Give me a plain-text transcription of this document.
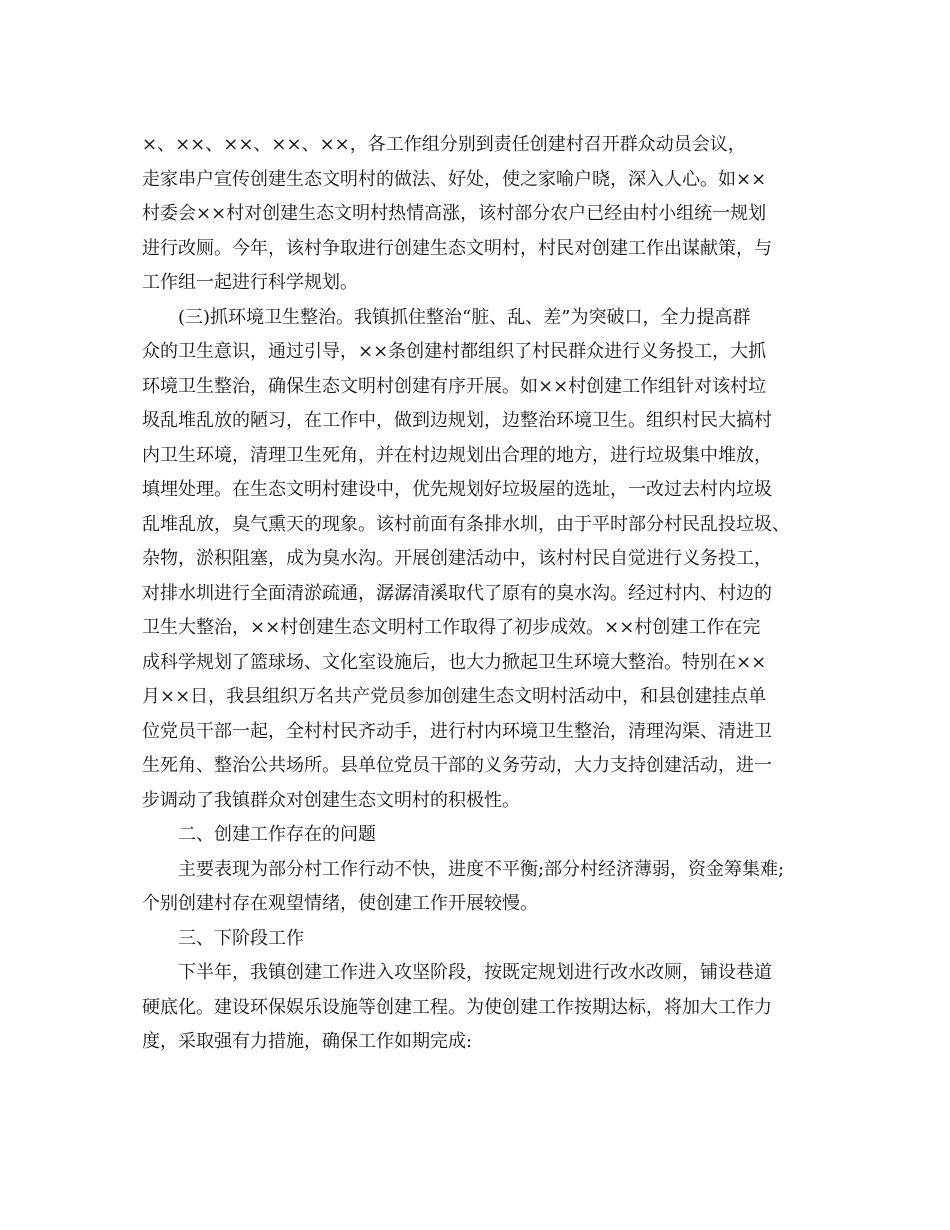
×、××、××、××、××，各工作组分别到责任创建村召开群众动员会议，
走家串户宣传创建生态文明村的做法、好处，使之家喻户晓，深入人心。如××
村委会××村对创建生态文明村热情高涨，该村部分农户已经由村小组统一规划
进行改厕。今年，该村争取进行创建生态文明村，村民对创建工作出谋献策，与
工作组一起进行科学规划。
(三)抓环境卫生整治。我镇抓住整治“脏、乱、差”为突破口，全力提高群
众的卫生意识，通过引导，××条创建村都组织了村民群众进行义务投工，大抓
环境卫生整治，确保生态文明村创建有序开展。如××村创建工作组针对该村垃
圾乱堆乱放的陋习，在工作中，做到边规划，边整治环境卫生。组织村民大搞村
内卫生环境，清理卫生死角，并在村边规划出合理的地方，进行垃圾集中堆放，
填埋处理。在生态文明村建设中，优先规划好垃圾屋的选址，一改过去村内垃圾
乱堆乱放，臭气熏天的现象。该村前面有条排水圳，由于平时部分村民乱投垃圾、
杂物，淤积阻塞，成为臭水沟。开展创建活动中，该村村民自觉进行义务投工，
对排水圳进行全面清淤疏通，潺潺清溪取代了原有的臭水沟。经过村内、村边的
卫生大整治，××村创建生态文明村工作取得了初步成效。××村创建工作在完
成科学规划了篮球场、文化室设施后，也大力掀起卫生环境大整治。特别在××
月××日，我县组织万名共产党员参加创建生态文明村活动中，和县创建挂点单
位党员干部一起，全村村民齐动手，进行村内环境卫生整治，清理沟渠、清进卫
生死角、整治公共场所。县单位党员干部的义务劳动，大力支持创建活动，进一
步调动了我镇群众对创建生态文明村的积极性。
二、创建工作存在的问题
主要表现为部分村工作行动不快，进度不平衡;部分村经济薄弱，资金筹集难;
个别创建村存在观望情绪，使创建工作开展较慢。
三、下阶段工作
下半年，我镇创建工作进入攻坚阶段，按既定规划进行改水改厕，铺设巷道
硬底化。建设环保娱乐设施等创建工程。为使创建工作按期达标，将加大工作力
度，采取强有力措施，确保工作如期完成:
